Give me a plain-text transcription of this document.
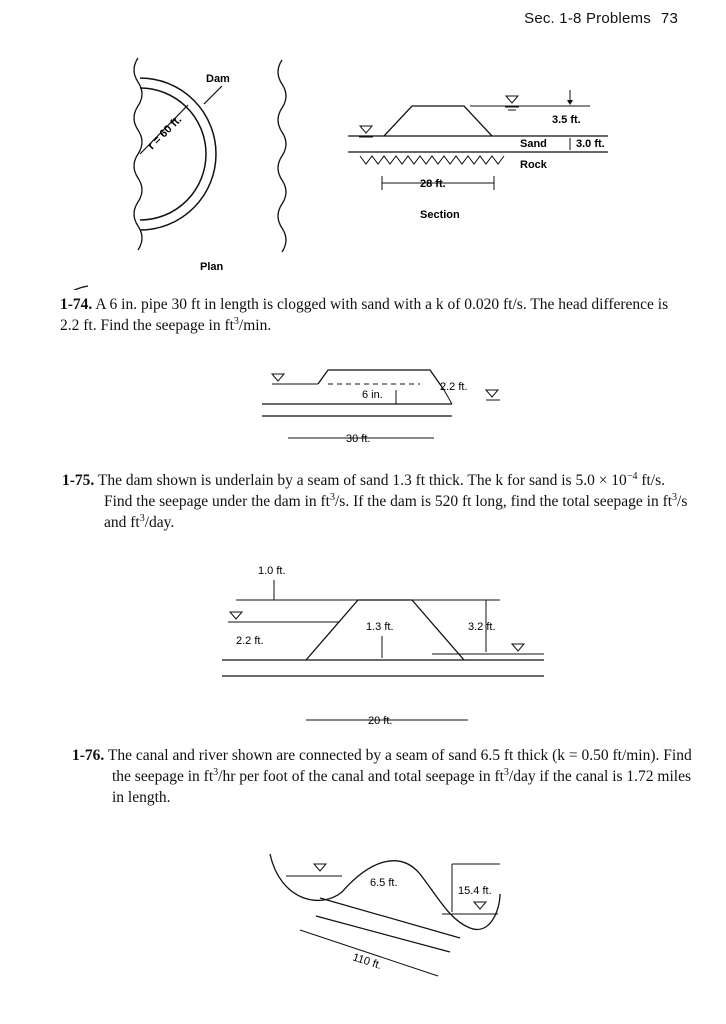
Sec. 1-8 Problems 73
Dam
r = 60 ft.
Plan
3.5 ft.
Sand	3.0 ft.
Rock
28 ft.
Section
1-74. A 6 in. pipe 30 ft in length is clogged with sand with a k of 0.020 ft/s. The head difference is
2.2 ft. Find the seepage in $ft^3/\min$.
6 in.
2.2 ft.
30 ft.
1-75. The dam shown is underlain by a seam of sand 1.3 ft thick. The k for sand is $5.0 \times 10^{-4}$ ft/s.
Find the seepage under the dam in $ft^3/s$. If the dam is 520 ft long, find the total seepage in $ft^3/s$
and $ft^3$/day.
1.0 ft.
2.2 ft.
1.3 ft.	3.2 ft.
20 ft.
1-76. The canal and river shown are connected by a seam of sand 6.5 ft thick (k = 0.50 ft/min). Find
the seepage in $ft^3/hr$ per foot of the canal and total seepage in $ft^3$/day if the canal is 1.72 miles
in length.
6.5 ft.
15.4 ft.
110 ft.
